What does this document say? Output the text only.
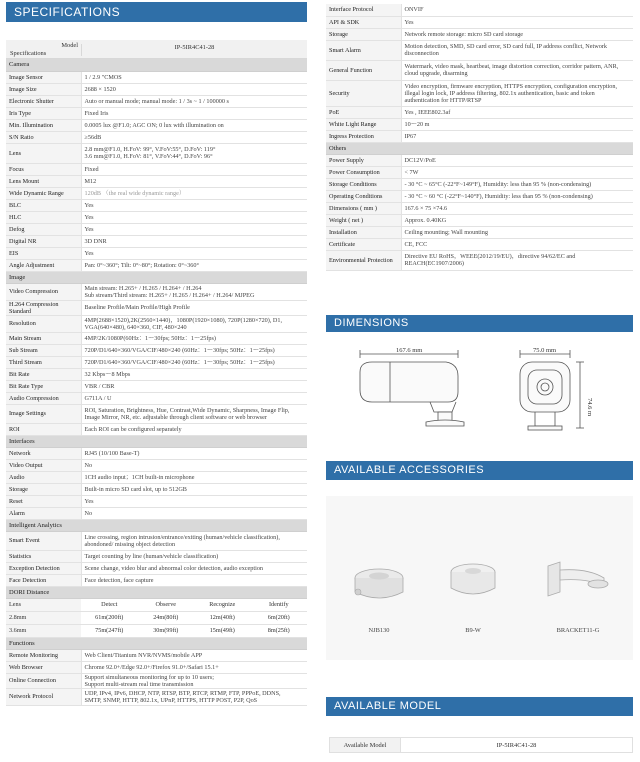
SPECIFICATIONS
Model
Specifications
IP-5IR4C41-28
Camera	
Image Sensor	1 / 2.9 "CMOS
Image Size	2688 × 1520
Electronic Shutter	Auto or manual mode; manual mode: 1 / 3s ~ 1 / 100000 s
Iris Type	Fixed Iris
Min. Illumination	0.0005 lux @F1.0; AGC ON; 0 lux with illumination on
S/N Ratio	≥56dB
Lens	2.8 mm@F1.0, H.FoV: 99°, V.FoV:55°, D.FoV: 119°
3.6 mm@F1.0, H.FoV: 81°, V.FoV:44°, D.FoV: 96°
Focus	Fixed
Lens Mount	M12
Wide Dynamic Range	120dB （the real wide dynamic range）
BLC	Yes
HLC	Yes
Defog	Yes
Digital NR	3D DNR
EIS	Yes
Angle Adjustment	Pan: 0°~360°; Tilt: 0°~80°; Rotation: 0°~360°
Image	
Video Compression	Main stream: H.265+ / H.265 / H.264+ / H.264
Sub stream/Third stream: H.265+ / H.265 / H.264+ / H.264/ MJPEG
H.264 Compression Standard	Baseline Profile/Main Profile/High Profile
Resolution	4MP(2688×1520),2K(2560×1440)，1080P(1920×1080), 720P(1280×720), D1, VGA(640×480), 640×360, CIF, 480×240
Main Stream	4MP/2K/1080P(60Hz：1～30fps; 50Hz：1～25fps)
Sub Stream	720P/D1/640×360/VGA/CIF/480×240 (60Hz：1～30fps; 50Hz：1～25fps)
Third Stream	720P/D1/640×360/VGA/CIF/480×240 (60Hz：1～30fps; 50Hz：1～25fps)
Bit Rate	32 Kbps～8 Mbps
Bit Rate Type	VBR / CBR
Audio Compression	G711A / U
Image Settings	ROI, Saturation, Brightness, Hue, Contrast,Wide Dynamic, Sharpness, Image Flip, Image Mirror, NR, etc. adjustable through client software or web browser
ROI	Each ROI can be configured separately
Interfaces	
Network	RJ45 (10/100 Base-T)
Video Output	No
Audio	1CH audio input；1CH built-in microphone
Storage	Built-in micro SD card slot, up to 512GB
Reset	Yes
Alarm	No
Intelligent Analytics	
Smart Event	Line crossing, region intrusion/entrance/exiting (human/vehicle classification), abondoned/ missing object detection
Statistics	Target counting by line (human/vehicle classification)
Exception Detection	Scene change, video blur and abnormal color detection, audio exception
Face Detection	Face detection, face capture
DORI Distance	

Lens Detect Observe Recognize Identify	

2.8mm 61m(200ft) 24m(80ft) 12m(40ft) 6m(20ft)	

3.6mm 75m(247ft) 30m(99ft) 15m(49ft) 8m(25ft)	

Functions	
Remote Monitoring	Web Client/Titanium NVR/NVMS/mobile APP
Web Browser	Chrome 92.0+/Edge 92.0+/Firefox 91.0+/Safari 15.1+
Online Connection	Support simultaneous monitoring for up to 10 users;
Support multi-stream real time transmission
Network Protocol	UDP, IPv4, IPv6, DHCP, NTP, RTSP, BTP, RTCP, RTMP, FTP, PPPoE, DDNS,
SMTP, SNMP, HTTP, 802.1x, UPnP, HTTPS, HTTP POST, P2P, QoS
Interface Protocol	ONVIF
API & SDK	Yes
Storage	Network remote storage: micro SD card storage
Smart Alarm	Motion detection, SMD, SD card error, SD card full, IP address conflict, Network disconnection
General Function	Watermark, video mask, heartbeat, image distortion correction, corridor pattern, ANR, cloud upgrade, disarming
Security	Video encryption, firmware encryption, HTTPS encryption, configuration encryption, illegal login lock, IP address filtering, 802.1x authentication, basic and token authentication for HTTP/RTSP
PoE	Yes , IEEE802.3af
White Light Range	10～20 m
Ingress Protection	IP67
Others	
Power Supply	DC12V/PoE
Power Consumption	< 7W
Storage Conditions	- 30 °C ~ 65°C (-22°F~149°F), Humidity: less than 95 % (non-condensing)
Operating Conditions	- 30 °C ~ 60 °C (-22°F~140°F), Humidity: less than 95 % (non-condensing)
Dimensions ( mm )	167.6 × 75 ×74.6
Weight ( net )	Approx. 0.40KG
Installation	Ceiling mounting; Wall mounting
Certificate	CE, FCC
Environmental Protection	Directive EU RoHS，WEEE(2012/19/EU)，directive 94/62/EC and REACH(EC1907/2006)
DIMENSIONS
167.6 mm	75.0 mm
74.6 m
AVAILABLE ACCESSORIES
NJB130	B9-W	BRACKET11-G
AVAILABLE MODEL
Available Model	IP-5IR4C41-28
